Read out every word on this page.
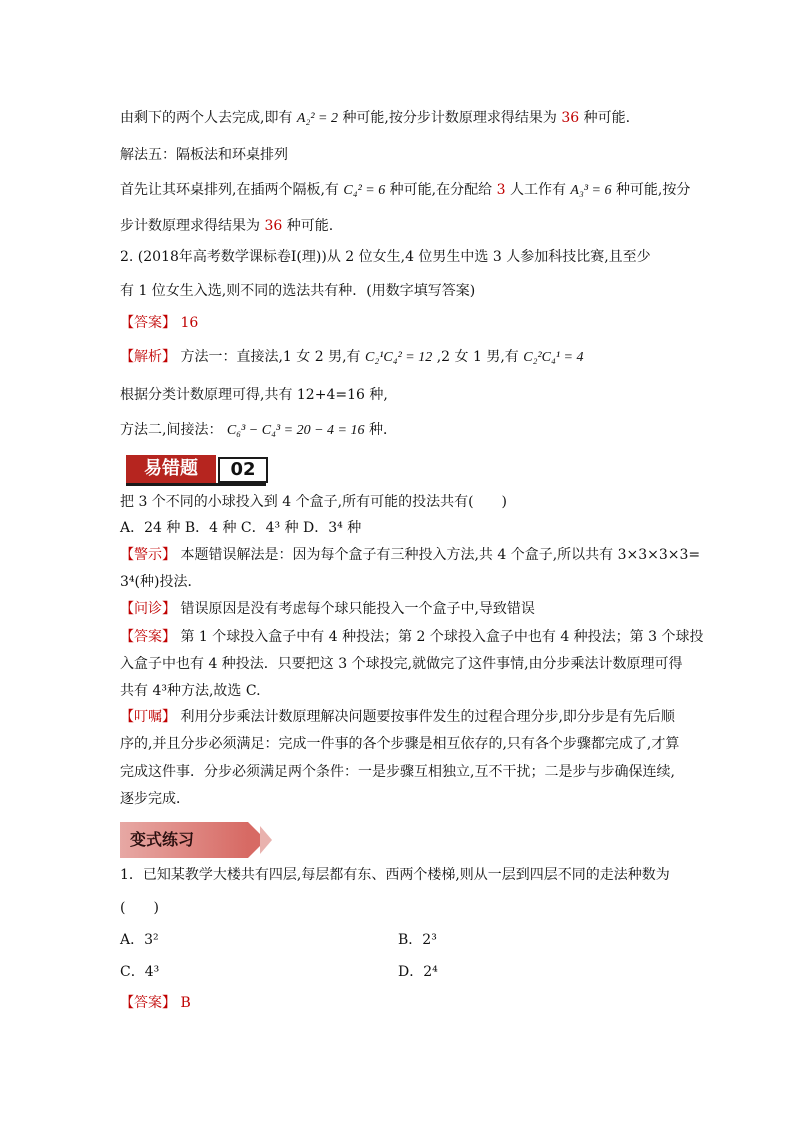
由剩下的两个人去完成,即有 A₂² = 2 种可能,按分步计数原理求得结果为 36 种可能.
解法五：隔板法和环桌排列
首先让其环桌排列,在插两个隔板,有 C₄² = 6 种可能,在分配给 3 人工作有 A₃³ = 6 种可能,按分
步计数原理求得结果为 36 种可能.
2. (2018年高考数学课标卷Ⅰ(理))从 2 位女生,4 位男生中选 3 人参加科技比赛,且至少
有 1 位女生入选,则不同的选法共有种．(用数字填写答案)
【答案】 16
【解析】 方法一：直接法,1 女 2 男,有 C₂¹C₄² = 12 ,2 女 1 男,有 C₂²C₄¹ = 4
根据分类计数原理可得,共有 12+4=16 种,
方法二,间接法： C₆³ − C₄³ = 20 − 4 = 16 种．
易错题	02
把 3 个不同的小球投入到 4 个盒子,所有可能的投法共有(　　)
A．24 种 B．4 种 C．4³ 种 D．3⁴ 种
【警示】 本题错误解法是：因为每个盒子有三种投入方法,共 4 个盒子,所以共有 3×3×3×3=
3⁴(种)投法．
【问诊】 错误原因是没有考虑每个球只能投入一个盒子中,导致错误
【答案】 第 1 个球投入盒子中有 4 种投法；第 2 个球投入盒子中也有 4 种投法；第 3 个球投
入盒子中也有 4 种投法．只要把这 3 个球投完,就做完了这件事情,由分步乘法计数原理可得
共有 4³种方法,故选 C.
【叮嘱】 利用分步乘法计数原理解决问题要按事件发生的过程合理分步,即分步是有先后顺
序的,并且分步必须满足：完成一件事的各个步骤是相互依存的,只有各个步骤都完成了,才算
完成这件事．分步必须满足两个条件：一是步骤互相独立,互不干扰；二是步与步确保连续,
逐步完成．
变式练习
1．已知某教学大楼共有四层,每层都有东、西两个楼梯,则从一层到四层不同的走法种数为
(　　)
A．3²	B．2³
C．4³	D．2⁴
【答案】 B
